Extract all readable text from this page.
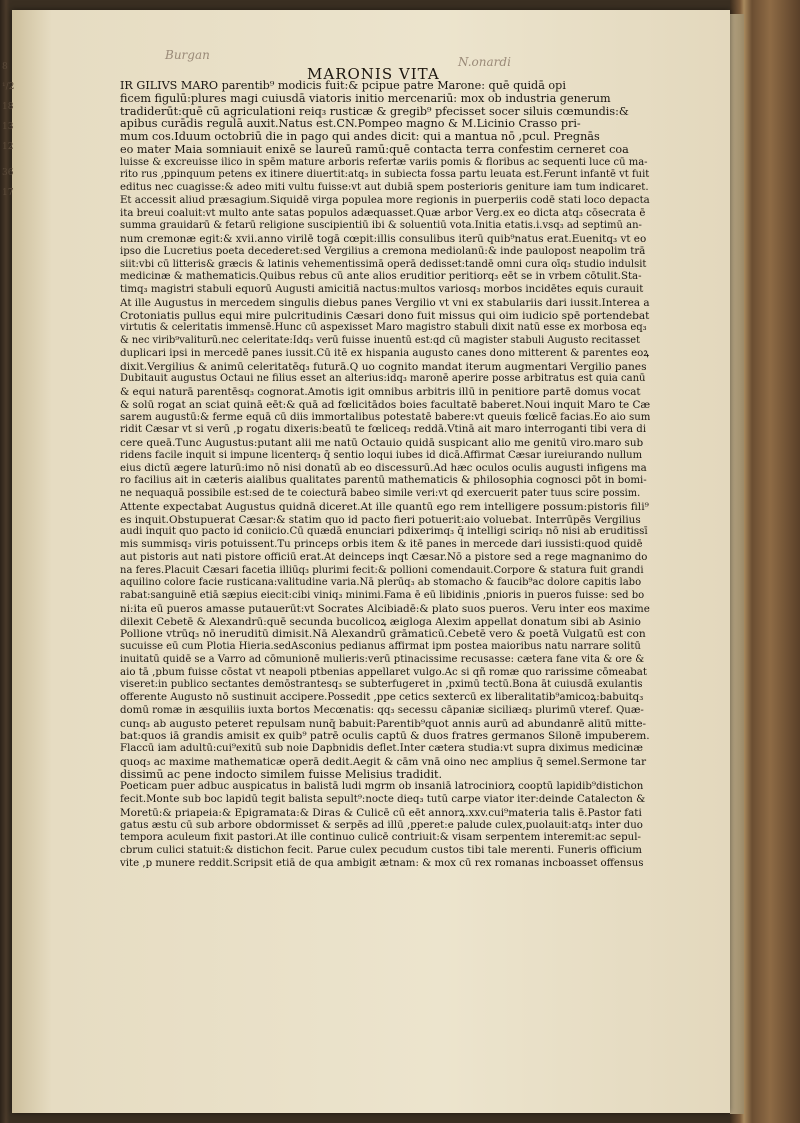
8
¹/2
18
13
12
36
17
Burgan	N.onardi
MARONIS VITA
IR GILIVS MARO parentib⁹ modicis fuit:& pcipue patre Marone: quē quidā opi
ficem figulū:plures magi cuiusdā viatoris initio mercenariū: mox ob industria generum
tradiderūt:quē cū agriculationi reiq₃ rusticæ & gregib⁹ pfecisset socer siluis cœmundis:&
apibus curādis regulā auxit.Natus est.CN.Pompeo magno & M.Licinio Crasso pri-
mum cos.Iduum octobriū die in pago qui andes dicit: qui a mantua nō ,pcul. Pregnās
eo mater Maia somniauit enixē se laureū ramū:quē contacta terra confestim cerneret coa
luisse & excreuisse ilico in spēm mature arboris refertæ variis pomis & floribus ac sequenti luce cū ma-
rito rus ,ppinquum petens ex itinere diuertit:atq₃ in subiecta fossa partu leuata est.Ferunt infantē vt fuit
editus nec cuagisse:& adeo miti vultu fuisse:vt aut dubiā spem posterioris geniture iam tum indicaret.
Et accessit aliud præsagium.Siquidē virga populea more regionis in puerperiis codē stati loco depacta
ita breui coaluit:vt multo ante satas populos adæquasset.Quæ arbor Verg.ex eo dicta atq₃ cōsecrata ē
summa grauidarū & fetarū religione suscipientiū ibi & soluentiū vota.Initia etatis.i.vsq₃ ad septimū an-
num cremonæ egit:& xvii.anno virilē togā cœpit:illis consulibus iterū quib⁹natus erat.Euenitq₃ vt eo
ipso die Lucretius poeta decederet:sed Vergilius a cremona mediolanū:& inde paulopost neapolim trā
siit:vbi cū litteris& græcis & latinis vehementissimā operā dedisset:tandē omni cura oīq₃ studio indulsit
medicinæ & mathematicis.Quibus rebus cū ante alios eruditior peritiorq₃ eēt se in vrbem cōtulit.Sta-
timq₃ magistri stabuli equorū Augusti amicitiā nactus:multos variosq₃ morbos incidētes equis curauit
At ille Augustus in mercedem singulis diebus panes Vergilio vt vni ex stabulariis dari iussit.Interea a
Crotoniatis pullus equi mire pulcritudinis Cæsari dono fuit missus qui oim iudicio spē portendebat
virtutis & celeritatis immensē.Hunc cū aspexisset Maro magistro stabuli dixit natū esse ex morbosa eq₃
& nec virib⁹valiturū.nec celeritate:Idq₃ verū fuisse inuentū est:qd cū magister stabuli Augusto recitasset
duplicari ipsi in mercedē panes iussit.Cū itē ex hispania augusto canes dono mitterent & parentes eoꝝ
dixit.Vergilius & animū celeritatēq₃ futurā.Q uo cognito mandat iterum augmentari Vergilio panes
Dubitauit augustus Octaui ne filius esset an alterius:idq₃ maronē aperire posse arbitratus est quia canū
& equi naturā parentēsq₃ cognorat.Amotis igit omnibus arbitris illū in penitiore partē domus vocat
& solū rogat an sciat quinā eēt:& quā ad fœlicitādos boies facultatē baberet.Noui inquit Maro te Cæ
sarem augustū:& ferme equā cū diis immortalibus potestatē babere:vt queuis fœlicē facias.Eo aio sum
ridit Cæsar vt si verū ,p rogatu dixeris:beatū te fœliceq₃ reddā.Vtinā ait maro interroganti tibi vera di
cere queā.Tunc Augustus:putant alii me natū Octauio quidā suspicant alio me genitū viro.maro sub
ridens facile inquit si impune licenterq₃ q̄ sentio loqui iubes id dicā.Affirmat Cæsar iureiurando nullum
eius dictū ægere laturū:imo nō nisi donatū ab eo discessurū.Ad hæc oculos oculis augusti infigens ma
ro facilius ait in cæteris aialibus qualitates parentū mathematicis & philosophia cognosci pōt in bomi-
ne nequaquā possibile est:sed de te coiecturā babeo simile veri:vt qd exercuerit pater tuus scire possim.
Attente expectabat Augustus quidnā diceret.At ille quantū ego rem intelligere possum:pistoris fili⁹
es inquit.Obstupuerat Cæsar:& statim quo id pacto fieri potuerit:aio voluebat. Interrūpēs Vergilius
audi inquit quo pacto id coniicio.Cū quædā enunciari pdixerimq₃ q̄ intelligi sciriq₃ nō nisi ab eruditissī
mis summisq₃ viris potuissent.Tu princeps orbis item & itē panes in mercede dari iussisti:quod quidē
aut pistoris aut nati pistore officiū erat.At deinceps inqt Cæsar.Nō a pistore sed a rege magnanimo do
na feres.Placuit Cæsari facetia illiūq₃ plurimi fecit:& pollioni comendauit.Corpore & statura fuit grandi
aquilino colore facie rusticana:valitudine varia.Nā plerūq₃ ab stomacho & faucib⁹ac dolore capitis labo
rabat:sanguinē etiā sæpius eiecit:cibi viniq₃ minimi.Fama ē eū libidinis ,pnioris in pueros fuisse: sed bo
ni:ita eū pueros amasse putauerūt:vt Socrates Alcibiadē:& plato suos pueros. Veru inter eos maxime
dilexit Cebetē & Alexandrū:quē secunda bucolicoꝝ æigloga Alexim appellat donatum sibi ab Asinio
Pollione vtrūq₃ nō ineruditū dimisit.Nā Alexandrū grāmaticū.Cebetē vero & poetā Vulgatū est con
sucuisse eū cum Plotia Hieria.sedAsconius pedianus affirmat ipm postea maioribus natu narrare solitū
inuitatū quidē se a Varro ad cōmunionē mulieris:verū ptinacissime recusasse: cætera fane vita & ore &
aio tā ,pbum fuisse cōstat vt neapoli ptbenias appellaret vulgo.Ac si qñ romæ quo rarissime cōmeabat
viseret:in publico sectantes demōstrantesq₃ se subterfugeret in ,pximū tectū.Bona āt cuiusdā exulantis
offerente Augusto nō sustinuit accipere.Possedit ,ppe cetics sextercū ex liberalitatib⁹amicoꝝ:babuitq₃
domū romæ in æsquiliis iuxta bortos Mecœnatis: qq₃ secessu cāpaniæ siciliæq₃ plurimū vteref. Quæ-
cunq₃ ab augusto peteret repulsam nunq̄ babuit:Parentib⁹quot annis aurū ad abundanrē alitū mitte-
bat:quos iā grandis amisit ex quib⁹ patrē oculis captū & duos fratres germanos Silonē impuberem.
Flaccū iam adultū:cui⁹exitū sub noie Dapbnidis deflet.Inter cætera studia:vt supra diximus medicinæ
quoq₃ ac maxime mathematicæ operā dedit.Aegit & cām vnā oino nec amplius q̄ semel.Sermone tar
dissimū ac pene indocto similem fuisse Melisius tradidit.
Poeticam puer adbuc auspicatus in balistā ludi mgrm ob insaniā latrociniorꝝ cooptū lapidib⁹distichon
fecit.Monte sub boc lapidū tegit balista sepult⁹:nocte dieq₃ tutū carpe viator iter:deinde Catalecton &
Moretū:& priapeia:& Epigramata:& Diras & Culicē cū eēt annorꝝ.xxv.cui⁹materia talis ē.Pastor fati
gatus æstu cū sub arbore obdormisset & serpēs ad illū ,pperet:e palude culex,puolauit:atq₃ inter duo
tempora aculeum fixit pastori.At ille continuo culicē contriuit:& visam serpentem interemit:ac sepul-
cbrum culici statuit:& distichon fecit. Parue culex pecudum custos tibi tale merenti. Funeris officium
vite ,p munere reddit.Scripsit etiā de qua ambigit ætnam: & mox cū rex romanas incboasset offensus
